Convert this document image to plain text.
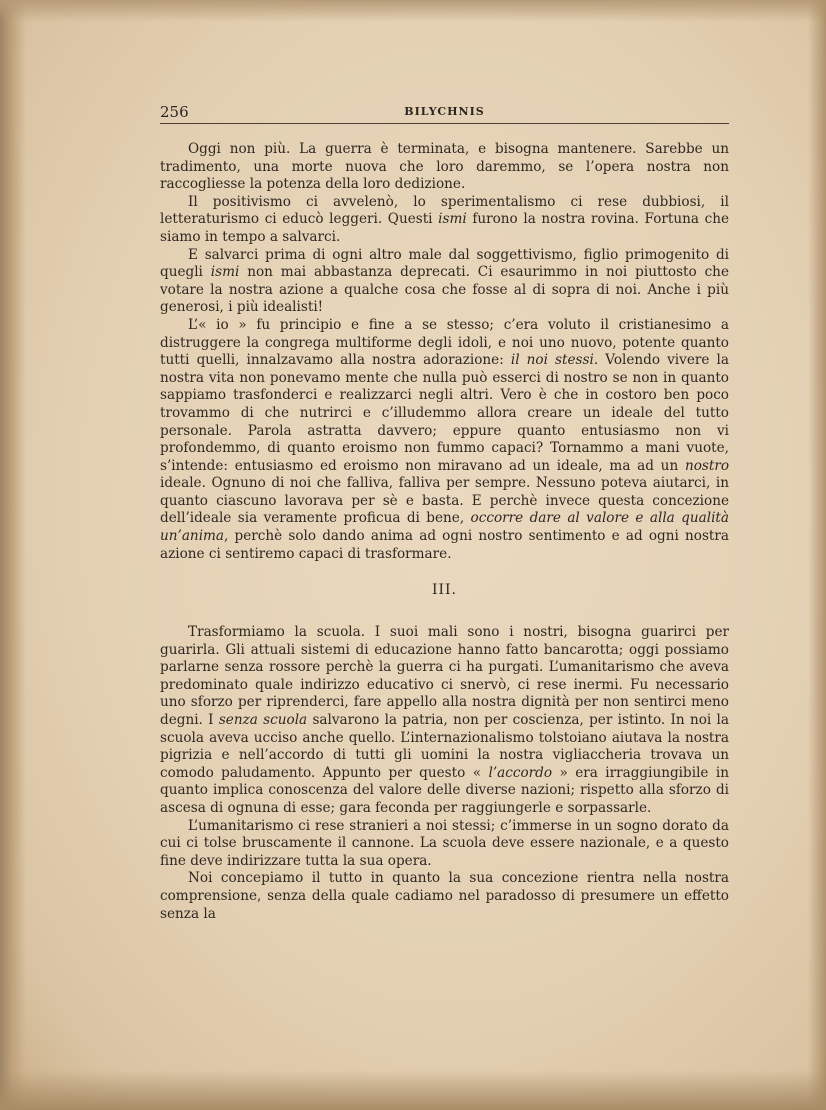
256	BILYCHNIS

Oggi non più. La guerra è terminata, e bisogna mantenere. Sarebbe un tradimento, una morte nuova che loro daremmo, se l’opera nostra non raccogliesse la potenza della loro dedizione.

Il positivismo ci avvelenò, lo sperimentalismo ci rese dubbiosi, il letteraturismo ci educò leggeri. Questi ismi furono la nostra rovina. Fortuna che siamo in tempo a salvarci.

E salvarci prima di ogni altro male dal soggettivismo, figlio primogenito di quegli ismi non mai abbastanza deprecati. Ci esaurimmo in noi piuttosto che votare la nostra azione a qualche cosa che fosse al di sopra di noi. Anche i più generosi, i più idealisti!

L’« io » fu principio e fine a se stesso; c’era voluto il cristianesimo a distruggere la congrega multiforme degli idoli, e noi uno nuovo, potente quanto tutti quelli, innalzavamo alla nostra adorazione: il noi stessi. Volendo vivere la nostra vita non ponevamo mente che nulla può esserci di nostro se non in quanto sappiamo trasfonderci e realizzarci negli altri. Vero è che in costoro ben poco trovammo di che nutrirci e c’illudemmo allora creare un ideale del tutto personale. Parola astratta davvero; eppure quanto entusiasmo non vi profondemmo, di quanto eroismo non fummo capaci? Tornammo a mani vuote, s’intende: entusiasmo ed eroismo non miravano ad un ideale, ma ad un nostro ideale. Ognuno di noi che falliva, falliva per sempre. Nessuno poteva aiutarci, in quanto ciascuno lavorava per sè e basta. E perchè invece questa concezione dell’ideale sia veramente proficua di bene, occorre dare al valore e alla qualità un’anima, perchè solo dando anima ad ogni nostro sentimento e ad ogni nostra azione ci sentiremo capaci di trasformare.

III.

Trasformiamo la scuola. I suoi mali sono i nostri, bisogna guarirci per guarirla. Gli attuali sistemi di educazione hanno fatto bancarotta; oggi possiamo parlarne senza rossore perchè la guerra ci ha purgati. L’umanitarismo che aveva predominato quale indirizzo educativo ci snervò, ci rese inermi. Fu necessario uno sforzo per riprenderci, fare appello alla nostra dignità per non sentirci meno degni. I senza scuola salvarono la patria, non per coscienza, per istinto. In noi la scuola aveva ucciso anche quello. L’internazionalismo tolstoiano aiutava la nostra pigrizia e nell’accordo di tutti gli uomini la nostra vigliaccheria trovava un comodo paludamento. Appunto per questo « l’accordo » era irraggiungibile in quanto implica conoscenza del valore delle diverse nazioni; rispetto alla sforzo di ascesa di ognuna di esse; gara feconda per raggiungerle e sorpassarle.

L’umanitarismo ci rese stranieri a noi stessi; c’immerse in un sogno dorato da cui ci tolse bruscamente il cannone. La scuola deve essere nazionale, e a questo fine deve indirizzare tutta la sua opera.

Noi concepiamo il tutto in quanto la sua concezione rientra nella nostra comprensione, senza della quale cadiamo nel paradosso di presumere un effetto senza la
